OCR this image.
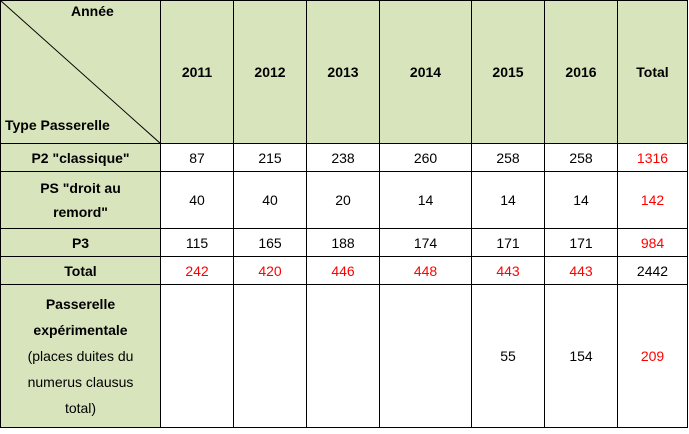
Année
Type Passerelle	2011	2012	2013	2014	2015	2016	Total
P2 "classique"	87	215	238	260	258	258	1316

PS "droit au
remord"	40	40	20	14	14	14	142
P3	115	165	188	174	171	171	984
Total	242	420	446	448	443	443	2442

Passerelle
expérimentale
(places duites du
numerus clausus
total)					55	154	209
